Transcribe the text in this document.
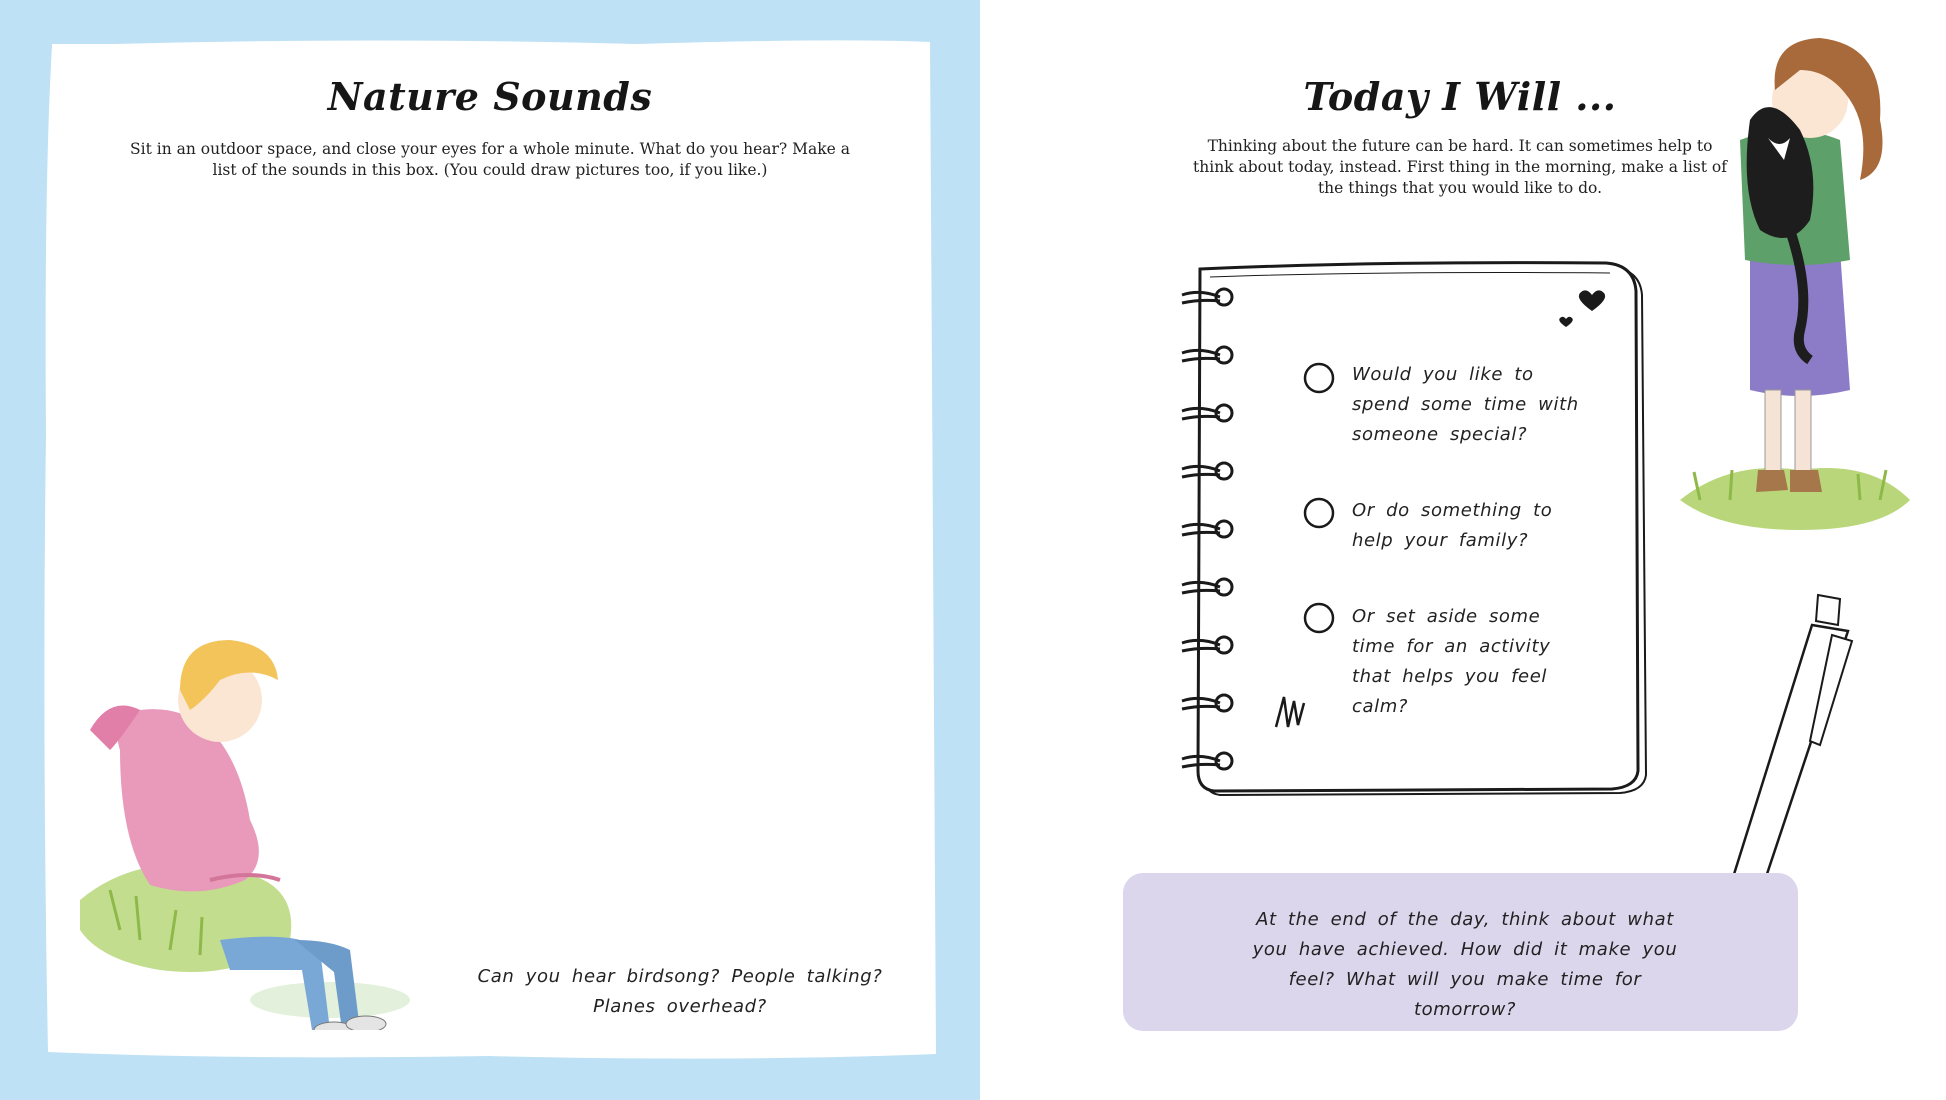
Nature Sounds
Sit in an outdoor space, and close your eyes for a whole minute. What do you hear? Make a list of the sounds in this box. (You could draw pictures too, if you like.)
Can you hear birdsong? People talking? Planes overhead?
Today I Will ...
Thinking about the future can be hard. It can sometimes help to think about today, instead. First thing in the morning, make a list of the things that you would like to do.
Would you like to spend some time with someone special?
Or do something to help your family?
Or set aside some time for an activity that helps you feel calm?
At the end of the day, think about what you have achieved. How did it make you feel? What will you make time for tomorrow?
